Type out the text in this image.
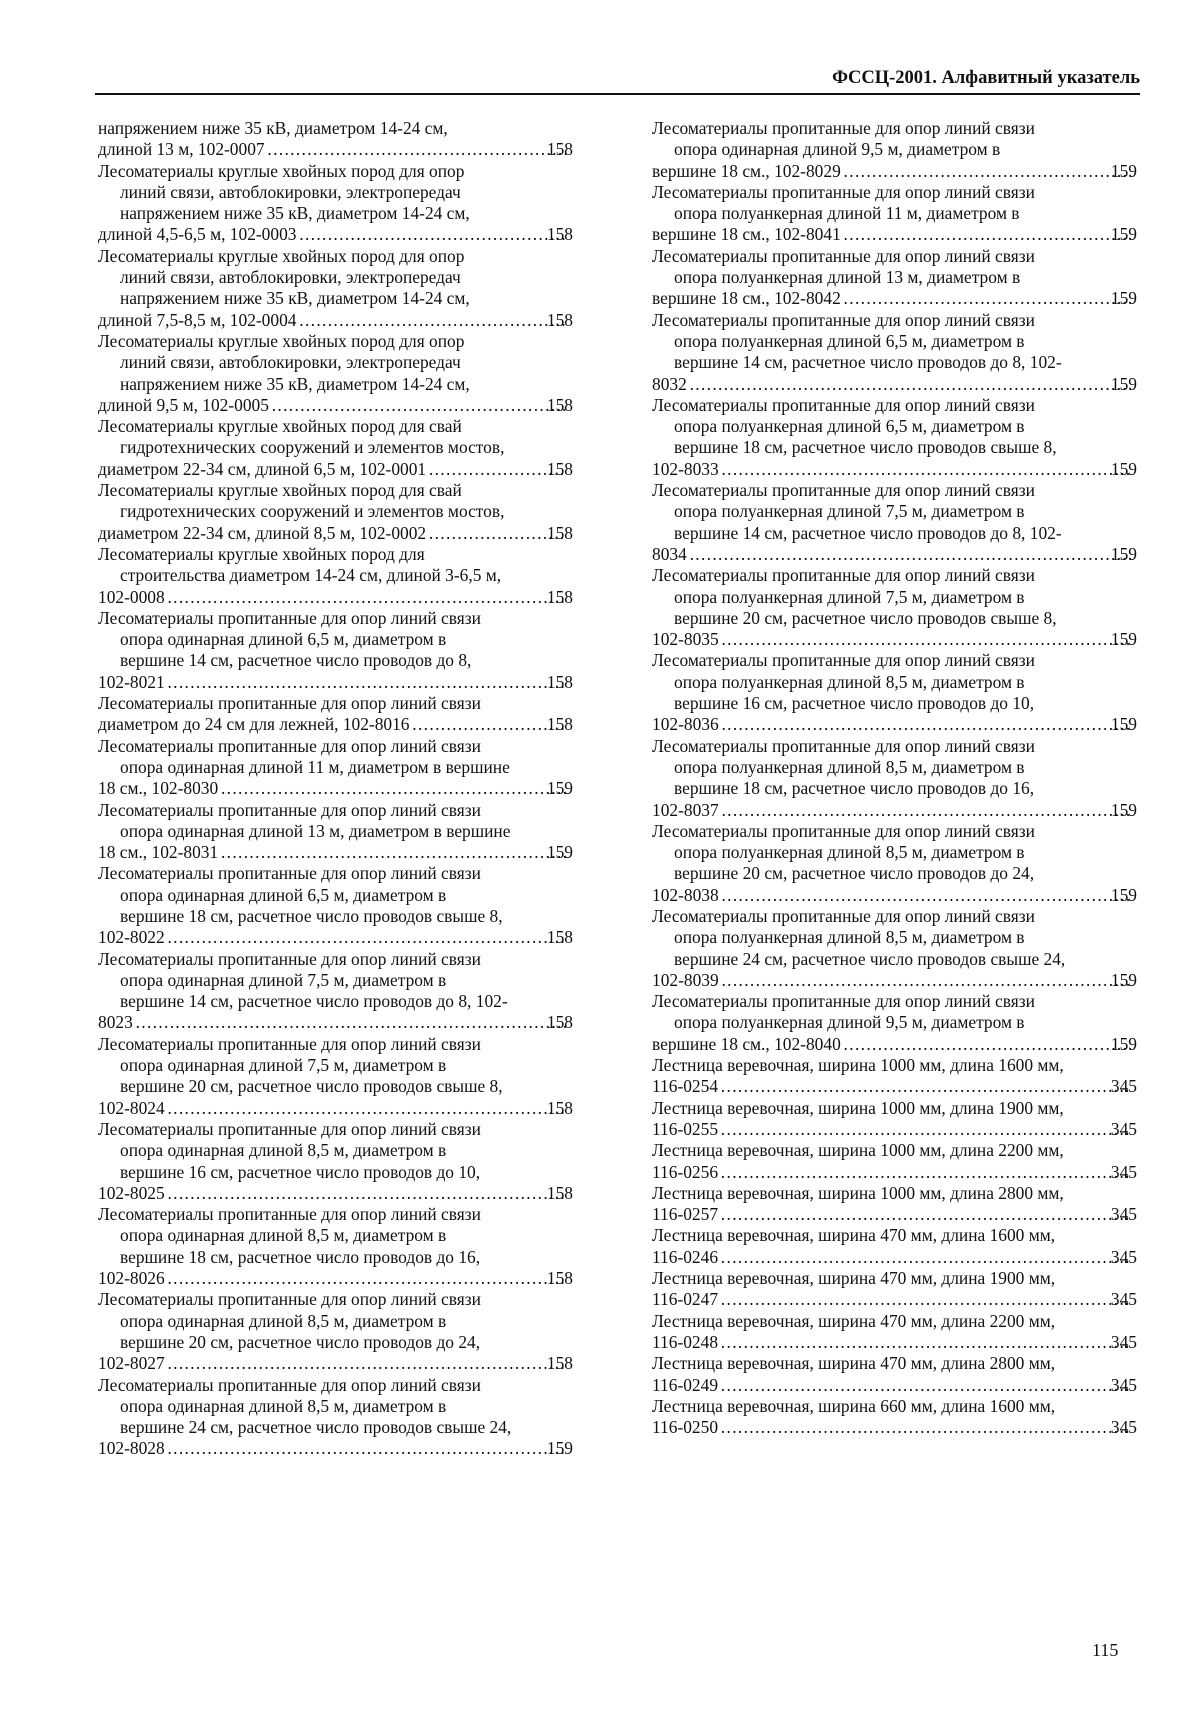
ФССЦ-2001. Алфавитный указатель
напряжением ниже 35 кВ, диаметром 14-24 см,

длиной 13 м, 102-0007 . . .	158
Лесоматериалы круглые хвойных пород для опор
линий связи, автоблокировки, электропередач
напряжением ниже 35 кВ, диаметром 14-24 см,

длиной 4,5-6,5 м, 102-0003 . . .	158
Лесоматериалы круглые хвойных пород для опор
линий связи, автоблокировки, электропередач
напряжением ниже 35 кВ, диаметром 14-24 см,

длиной 7,5-8,5 м, 102-0004 . . .	158
Лесоматериалы круглые хвойных пород для опор
линий связи, автоблокировки, электропередач
напряжением ниже 35 кВ, диаметром 14-24 см,

длиной 9,5 м, 102-0005 . . .	158
Лесоматериалы круглые хвойных пород для свай
гидротехнических сооружений и элементов мостов,

диаметром 22-34 см, длиной 6,5 м, 102-0001 . . .	158
Лесоматериалы круглые хвойных пород для свай
гидротехнических сооружений и элементов мостов,

диаметром 22-34 см, длиной 8,5 м, 102-0002 . . .	158
Лесоматериалы круглые хвойных пород для
строительства диаметром 14-24 см, длиной 3-6,5 м,

102-0008 . . .	158
Лесоматериалы пропитанные для опор линий связи
опора одинарная длиной 6,5 м, диаметром в
вершине 14 см, расчетное число проводов до 8,

102-8021 . . .	158
Лесоматериалы пропитанные для опор линий связи

диаметром до 24 см для лежней, 102-8016 . . .	158
Лесоматериалы пропитанные для опор линий связи
опора одинарная длиной 11 м, диаметром в вершине

18 см., 102-8030 . . .	159
Лесоматериалы пропитанные для опор линий связи
опора одинарная длиной 13 м, диаметром в вершине

18 см., 102-8031 . . .	159
Лесоматериалы пропитанные для опор линий связи
опора одинарная длиной 6,5 м, диаметром в
вершине 18 см, расчетное число проводов свыше 8,

102-8022 . . .	158
Лесоматериалы пропитанные для опор линий связи
опора одинарная длиной 7,5 м, диаметром в
вершине 14 см, расчетное число проводов до 8, 102-

8023 . . .	158
Лесоматериалы пропитанные для опор линий связи
опора одинарная длиной 7,5 м, диаметром в
вершине 20 см, расчетное число проводов свыше 8,

102-8024 . . .	158
Лесоматериалы пропитанные для опор линий связи
опора одинарная длиной 8,5 м, диаметром в
вершине 16 см, расчетное число проводов до 10,

102-8025 . . .	158
Лесоматериалы пропитанные для опор линий связи
опора одинарная длиной 8,5 м, диаметром в
вершине 18 см, расчетное число проводов до 16,

102-8026 . . .	158
Лесоматериалы пропитанные для опор линий связи
опора одинарная длиной 8,5 м, диаметром в
вершине 20 см, расчетное число проводов до 24,

102-8027 . . .	158
Лесоматериалы пропитанные для опор линий связи
опора одинарная длиной 8,5 м, диаметром в
вершине 24 см, расчетное число проводов свыше 24,

102-8028 . . .	159
Лесоматериалы пропитанные для опор линий связи
опора одинарная длиной 9,5 м, диаметром в

вершине 18 см., 102-8029 . . .	159
Лесоматериалы пропитанные для опор линий связи
опора полуанкерная длиной 11 м, диаметром в

вершине 18 см., 102-8041 . . .	159
Лесоматериалы пропитанные для опор линий связи
опора полуанкерная длиной 13 м, диаметром в

вершине 18 см., 102-8042 . . .	159
Лесоматериалы пропитанные для опор линий связи
опора полуанкерная длиной 6,5 м, диаметром в
вершине 14 см, расчетное число проводов до 8, 102-

8032 . . .	159
Лесоматериалы пропитанные для опор линий связи
опора полуанкерная длиной 6,5 м, диаметром в
вершине 18 см, расчетное число проводов свыше 8,

102-8033 . . .	159
Лесоматериалы пропитанные для опор линий связи
опора полуанкерная длиной 7,5 м, диаметром в
вершине 14 см, расчетное число проводов до 8, 102-

8034 . . .	159
Лесоматериалы пропитанные для опор линий связи
опора полуанкерная длиной 7,5 м, диаметром в
вершине 20 см, расчетное число проводов свыше 8,

102-8035 . . .	159
Лесоматериалы пропитанные для опор линий связи
опора полуанкерная длиной 8,5 м, диаметром в
вершине 16 см, расчетное число проводов до 10,

102-8036 . . .	159
Лесоматериалы пропитанные для опор линий связи
опора полуанкерная длиной 8,5 м, диаметром в
вершине 18 см, расчетное число проводов до 16,

102-8037 . . .	159
Лесоматериалы пропитанные для опор линий связи
опора полуанкерная длиной 8,5 м, диаметром в
вершине 20 см, расчетное число проводов до 24,

102-8038 . . .	159
Лесоматериалы пропитанные для опор линий связи
опора полуанкерная длиной 8,5 м, диаметром в
вершине 24 см, расчетное число проводов свыше 24,

102-8039 . . .	159
Лесоматериалы пропитанные для опор линий связи
опора полуанкерная длиной 9,5 м, диаметром в

вершине 18 см., 102-8040 . . .	159
Лестница веревочная, ширина 1000 мм, длина 1600 мм,

116-0254 . . .	345
Лестница веревочная, ширина 1000 мм, длина 1900 мм,

116-0255 . . .	345
Лестница веревочная, ширина 1000 мм, длина 2200 мм,

116-0256 . . .	345
Лестница веревочная, ширина 1000 мм, длина 2800 мм,

116-0257 . . .	345
Лестница веревочная, ширина 470 мм, длина 1600 мм,

116-0246 . . .	345
Лестница веревочная, ширина 470 мм, длина 1900 мм,

116-0247 . . .	345
Лестница веревочная, ширина 470 мм, длина 2200 мм,

116-0248 . . .	345
Лестница веревочная, ширина 470 мм, длина 2800 мм,

116-0249 . . .	345
Лестница веревочная, ширина 660 мм, длина 1600 мм,

116-0250 . . .	345
115
